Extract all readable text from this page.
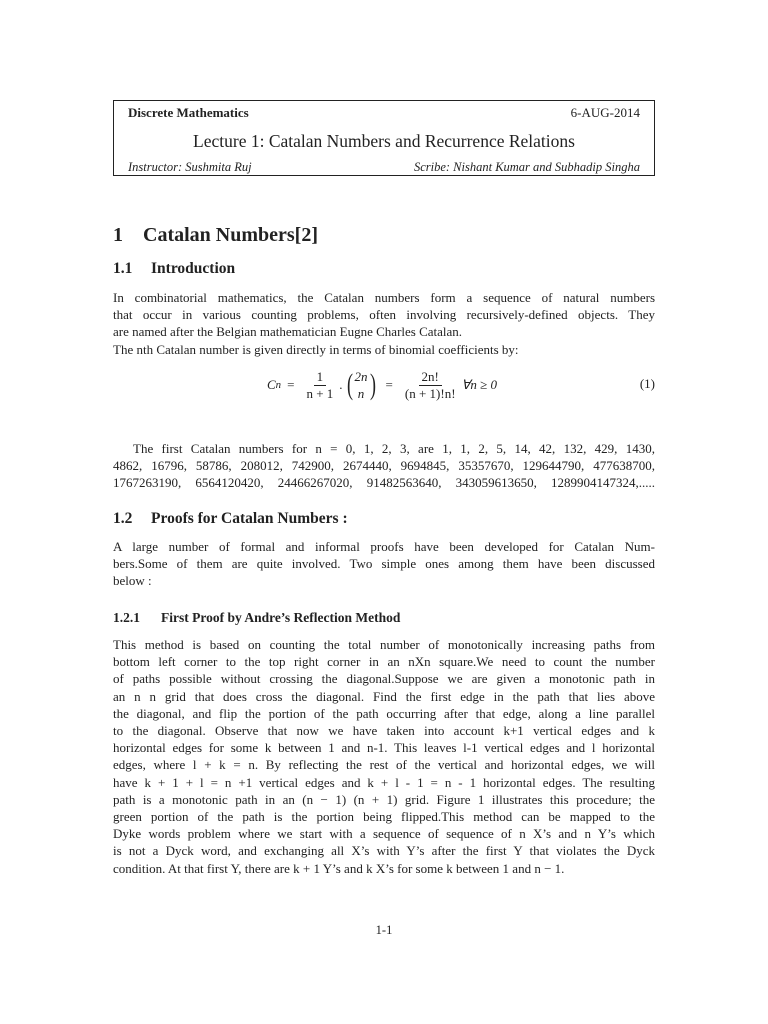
Discrete Mathematics	6-AUG-2014
Lecture 1: Catalan Numbers and Recurrence Relations
Instructor: Sushmita Ruj	Scribe: Nishant Kumar and Subhadip Singha
1 Catalan Numbers[2]
1.1 Introduction

In combinatorial mathematics, the Catalan numbers form a sequence of natural numbers
that occur in various counting problems, often involving recursively-defined objects. They
are named after the Belgian mathematician Eugne Charles Catalan.
The nth Catalan number is given directly in terms of binomial coefficients by:

C $n = \frac{1}{n + 1}$ . ( 2n
n ) = $\frac{2n!}{(n + 1)!n!}$ ∀n ≥ 0	(1)

The first Catalan numbers for n = 0, 1, 2, 3, are 1, 1, 2, 5, 14, 42, 132, 429, 1430,
4862, 16796, 58786, 208012, 742900, 2674440, 9694845, 35357670, 129644790, 477638700,
1767263190, 6564120420, 24466267020, 91482563640, 343059613650, 1289904147324,.....

1.2 Proofs for Catalan Numbers :

A large number of formal and informal proofs have been developed for Catalan Num-
bers.Some of them are quite involved. Two simple ones among them have been discussed
below :

1.2.1 First Proof by Andre’s Reflection Method

This method is based on counting the total number of monotonically increasing paths from
bottom left corner to the top right corner in an nXn square.We need to count the number
of paths possible without crossing the diagonal.Suppose we are given a monotonic path in
an n n grid that does cross the diagonal. Find the first edge in the path that lies above
the diagonal, and flip the portion of the path occurring after that edge, along a line parallel
to the diagonal. Observe that now we have taken into account k+1 vertical edges and k
horizontal edges for some k between 1 and n-1. This leaves l-1 vertical edges and l horizontal
edges, where l + k = n. By reflecting the rest of the vertical and horizontal edges, we will
have k + 1 + l = n +1 vertical edges and k + l - 1 = n - 1 horizontal edges. The resulting
path is a monotonic path in an (n − 1) (n + 1) grid. Figure 1 illustrates this procedure; the
green portion of the path is the portion being flipped.This method can be mapped to the
Dyke words problem where we start with a sequence of sequence of n X’s and n Y’s which
is not a Dyck word, and exchanging all X’s with Y’s after the first Y that violates the Dyck
condition. At that first Y, there are k + 1 Y’s and k X’s for some k between 1 and n − 1.

1-1
